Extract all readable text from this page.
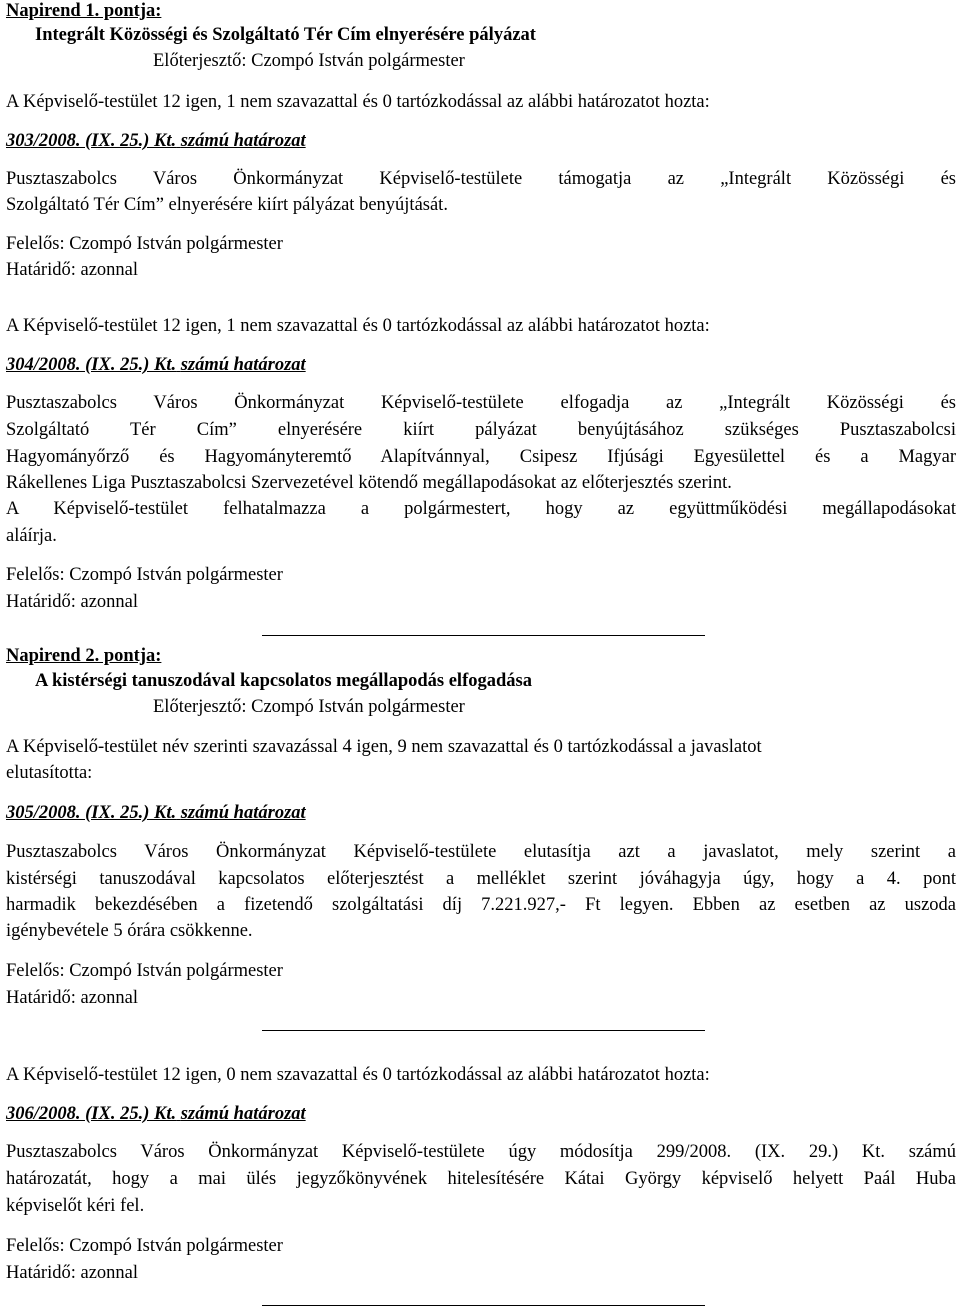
Napirend 1. pontja:
Integrált Közösségi és Szolgáltató Tér Cím elnyerésére pályázat
Előterjesztő: Czompó István polgármester
A Képviselő-testület 12 igen, 1 nem szavazattal és 0 tartózkodással az alábbi határozatot hozta:
303/2008. (IX. 25.) Kt. számú határozat
Pusztaszabolcs Város Önkormányzat Képviselő-testülete támogatja az „Integrált Közösségi és
Szolgáltató Tér Cím” elnyerésére kiírt pályázat benyújtását.
Felelős: Czompó István polgármester
Határidő: azonnal
A Képviselő-testület 12 igen, 1 nem szavazattal és 0 tartózkodással az alábbi határozatot hozta:
304/2008. (IX. 25.) Kt. számú határozat
Pusztaszabolcs Város Önkormányzat Képviselő-testülete elfogadja az „Integrált Közösségi és
Szolgáltató Tér Cím” elnyerésére kiírt pályázat benyújtásához szükséges Pusztaszabolcsi
Hagyományőrző és Hagyományteremtő Alapítvánnyal, Csipesz Ifjúsági Egyesülettel és a Magyar
Rákellenes Liga Pusztaszabolcsi Szervezetével kötendő megállapodásokat az előterjesztés szerint.
A Képviselő-testület felhatalmazza a polgármestert, hogy az együttműködési megállapodásokat
aláírja.
Felelős: Czompó István polgármester
Határidő: azonnal
Napirend 2. pontja:
A kistérségi tanuszodával kapcsolatos megállapodás elfogadása
Előterjesztő: Czompó István polgármester
A Képviselő-testület név szerinti szavazással 4 igen, 9 nem szavazattal és 0 tartózkodással a javaslatot
elutasította:
305/2008. (IX. 25.) Kt. számú határozat
Pusztaszabolcs Város Önkormányzat Képviselő-testülete elutasítja azt a javaslatot, mely szerint a
kistérségi tanuszodával kapcsolatos előterjesztést a melléklet szerint jóváhagyja úgy, hogy a 4. pont
harmadik bekezdésében a fizetendő szolgáltatási díj 7.221.927,- Ft legyen. Ebben az esetben az uszoda
igénybevétele 5 órára csökkenne.
Felelős: Czompó István polgármester
Határidő: azonnal
A Képviselő-testület 12 igen, 0 nem szavazattal és 0 tartózkodással az alábbi határozatot hozta:
306/2008. (IX. 25.) Kt. számú határozat
Pusztaszabolcs Város Önkormányzat Képviselő-testülete úgy módosítja 299/2008. (IX. 29.) Kt. számú
határozatát, hogy a mai ülés jegyzőkönyvének hitelesítésére Kátai György képviselő helyett Paál Huba
képviselőt kéri fel.
Felelős: Czompó István polgármester
Határidő: azonnal
